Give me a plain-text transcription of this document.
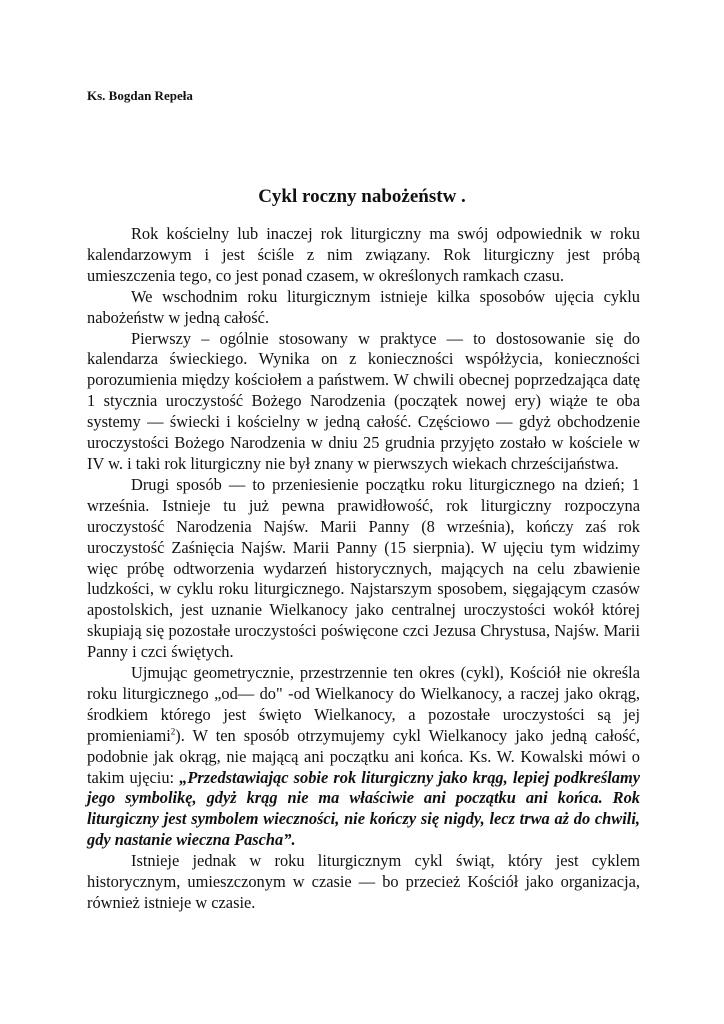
Ks. Bogdan Repeła
Cykl roczny nabożeństw .

Rok kościelny lub inaczej rok liturgiczny ma swój odpowiednik w roku kalendarzowym i jest ściśle z nim związany. Rok liturgiczny jest próbą umieszczenia tego, co jest ponad czasem, w określonych ramkach czasu.

We wschodnim roku liturgicznym istnieje kilka sposobów ujęcia cyklu nabożeństw w jedną całość.

Pierwszy – ogólnie stosowany w praktyce — to dostosowanie się do kalendarza świeckiego. Wynika on z konieczności współżycia, konieczności porozumienia między kościołem a państwem. W chwili obecnej poprzedzająca datę 1 stycznia uroczystość Bożego Narodzenia (początek nowej ery) wiąże te oba systemy — świecki i kościelny w jedną całość. Częściowo — gdyż obchodzenie uroczystości Bożego Narodzenia w dniu 25 grudnia przyjęto zostało w kościele w IV w. i taki rok liturgiczny nie był znany w pierwszych wiekach chrześcijaństwa.

Drugi sposób — to przeniesienie początku roku liturgicznego na dzień; 1 września. Istnieje tu już pewna prawidłowość, rok liturgiczny rozpoczyna uroczystość Narodzenia Najśw. Marii Panny (8 września), kończy zaś rok uroczystość Zaśnięcia Najśw. Marii Panny (15 sierpnia). W ujęciu tym widzimy więc próbę odtworzenia wydarzeń historycznych, mających na celu zbawienie ludzkości, w cyklu roku liturgicznego. Najstarszym sposobem, sięgającym czasów apostolskich, jest uznanie Wielkanocy jako centralnej uroczystości wokół której skupiają się pozostałe uroczystości poświęcone czci Jezusa Chrystusa, Najśw. Marii Panny i czci świętych.

Ujmując geometrycznie, przestrzennie ten okres (cykl), Kościół nie określa roku liturgicznego „od— do" -od Wielkanocy do Wielkanocy, a raczej jako okrąg, środkiem którego jest święto Wielkanocy, a pozostałe uroczystości są jej promieniami$^2$). W ten sposób otrzymujemy cykl Wielkanocy jako jedną całość, podobnie jak okrąg, nie mającą ani początku ani końca. Ks. W. Kowalski mówi o takim ujęciu: „Przedstawiając sobie rok liturgiczny jako krąg, lepiej podkreślamy jego symbolikę, gdyż krąg nie ma właściwie ani początku ani końca. Rok liturgiczny jest symbolem wieczności, nie kończy się nigdy, lecz trwa aż do chwili, gdy nastanie wieczna Pascha”.

Istnieje jednak w roku liturgicznym cykl świąt, który jest cyklem historycznym, umieszczonym w czasie — bo przecież Kościół jako organizacja, również istnieje w czasie.
